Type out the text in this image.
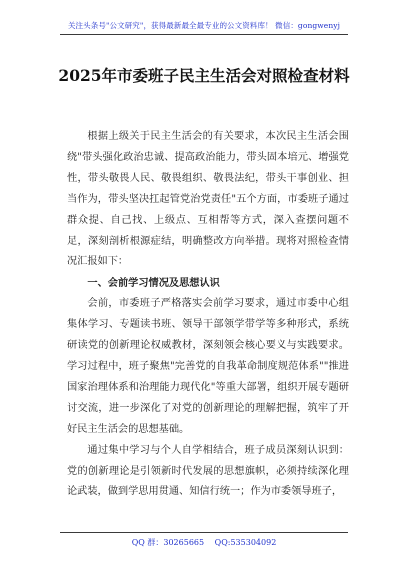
关注头条号"公文研究"，获得最新最全最专业的公文资料库！ 微信：gongwenyj
2025年市委班子民主生活会对照检查材料

根据上级关于民主生活会的有关要求，本次民主生活会围绕"带头强化政治忠诚、提高政治能力，带头固本培元、增强党性，带头敬畏人民、敬畏组织、敬畏法纪，带头干事创业、担当作为，带头坚决扛起管党治党责任"五个方面，市委班子通过群众提、自己找、上级点、互相帮等方式，深入查摆问题不足，深刻剖析根源症结，明确整改方向举措。现将对照检查情况汇报如下：

一、会前学习情况及思想认识

会前，市委班子严格落实会前学习要求，通过市委中心组集体学习、专题读书班、领导干部领学带学等多种形式，系统研读党的创新理论权威教材，深刻领会核心要义与实践要求。学习过程中，班子聚焦"完善党的自我革命制度规范体系""推进国家治理体系和治理能力现代化"等重大部署，组织开展专题研讨交流，进一步深化了对党的创新理论的理解把握，筑牢了开好民主生活会的思想基础。

通过集中学习与个人自学相结合，班子成员深刻认识到：党的创新理论是引领新时代发展的思想旗帜，必须持续深化理论武装，做到学思用贯通、知信行统一；作为市委领导班子，

QQ 群：30265665 QQ:535304092
